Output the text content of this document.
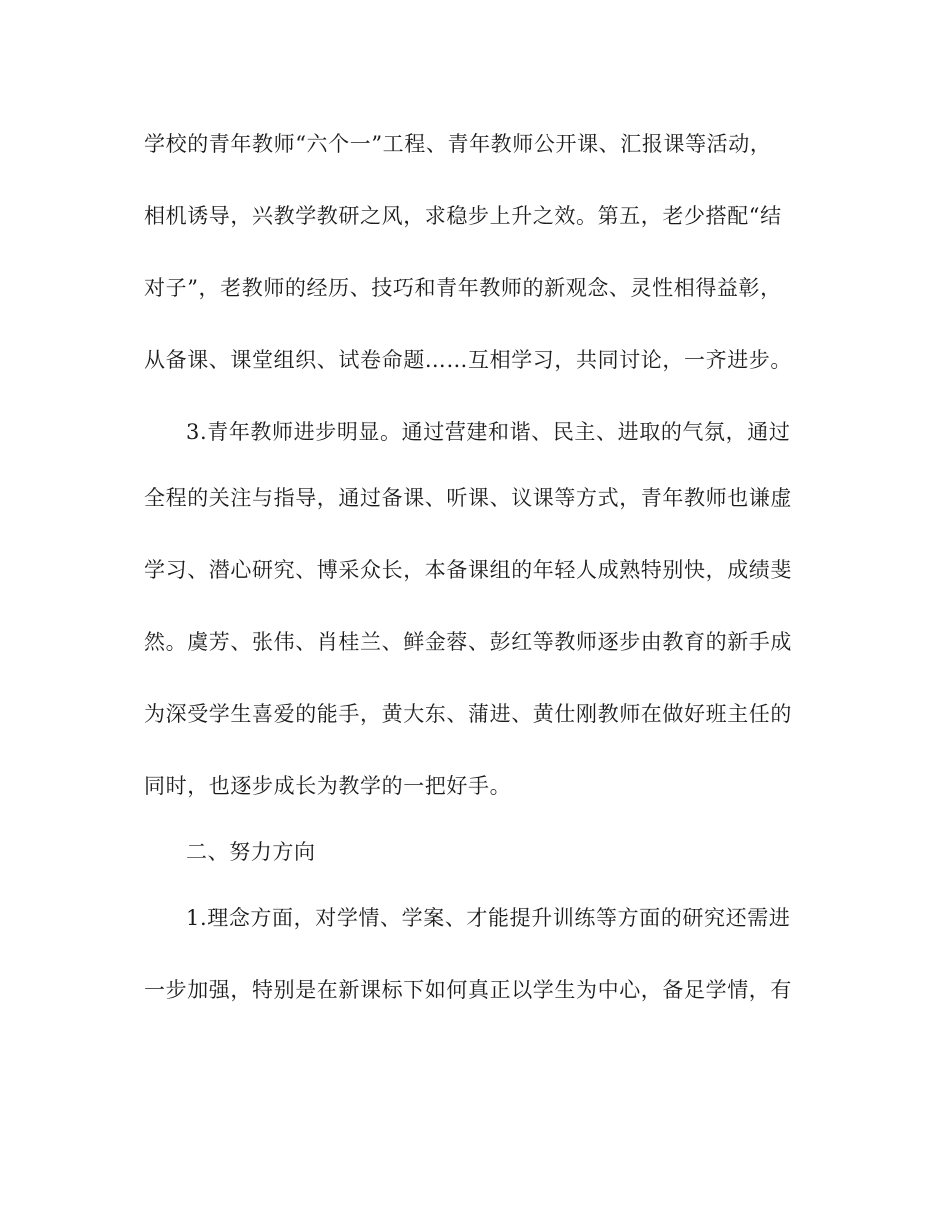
学校的青年教师“六个一”工程、青年教师公开课、汇报课等活动，
相机诱导，兴教学教研之风，求稳步上升之效。第五，老少搭配“结
对子”，老教师的经历、技巧和青年教师的新观念、灵性相得益彰，
从备课、课堂组织、试卷命题……互相学习，共同讨论，一齐进步。
3.青年教师进步明显。通过营建和谐、民主、进取的气氛，通过
全程的关注与指导，通过备课、听课、议课等方式，青年教师也谦虚
学习、潜心研究、博采众长，本备课组的年轻人成熟特别快，成绩斐
然。虞芳、张伟、肖桂兰、鲜金蓉、彭红等教师逐步由教育的新手成
为深受学生喜爱的能手，黄大东、蒲进、黄仕刚教师在做好班主任的
同时，也逐步成长为教学的一把好手。
二、努力方向
1.理念方面，对学情、学案、才能提升训练等方面的研究还需进
一步加强，特别是在新课标下如何真正以学生为中心，备足学情，有
